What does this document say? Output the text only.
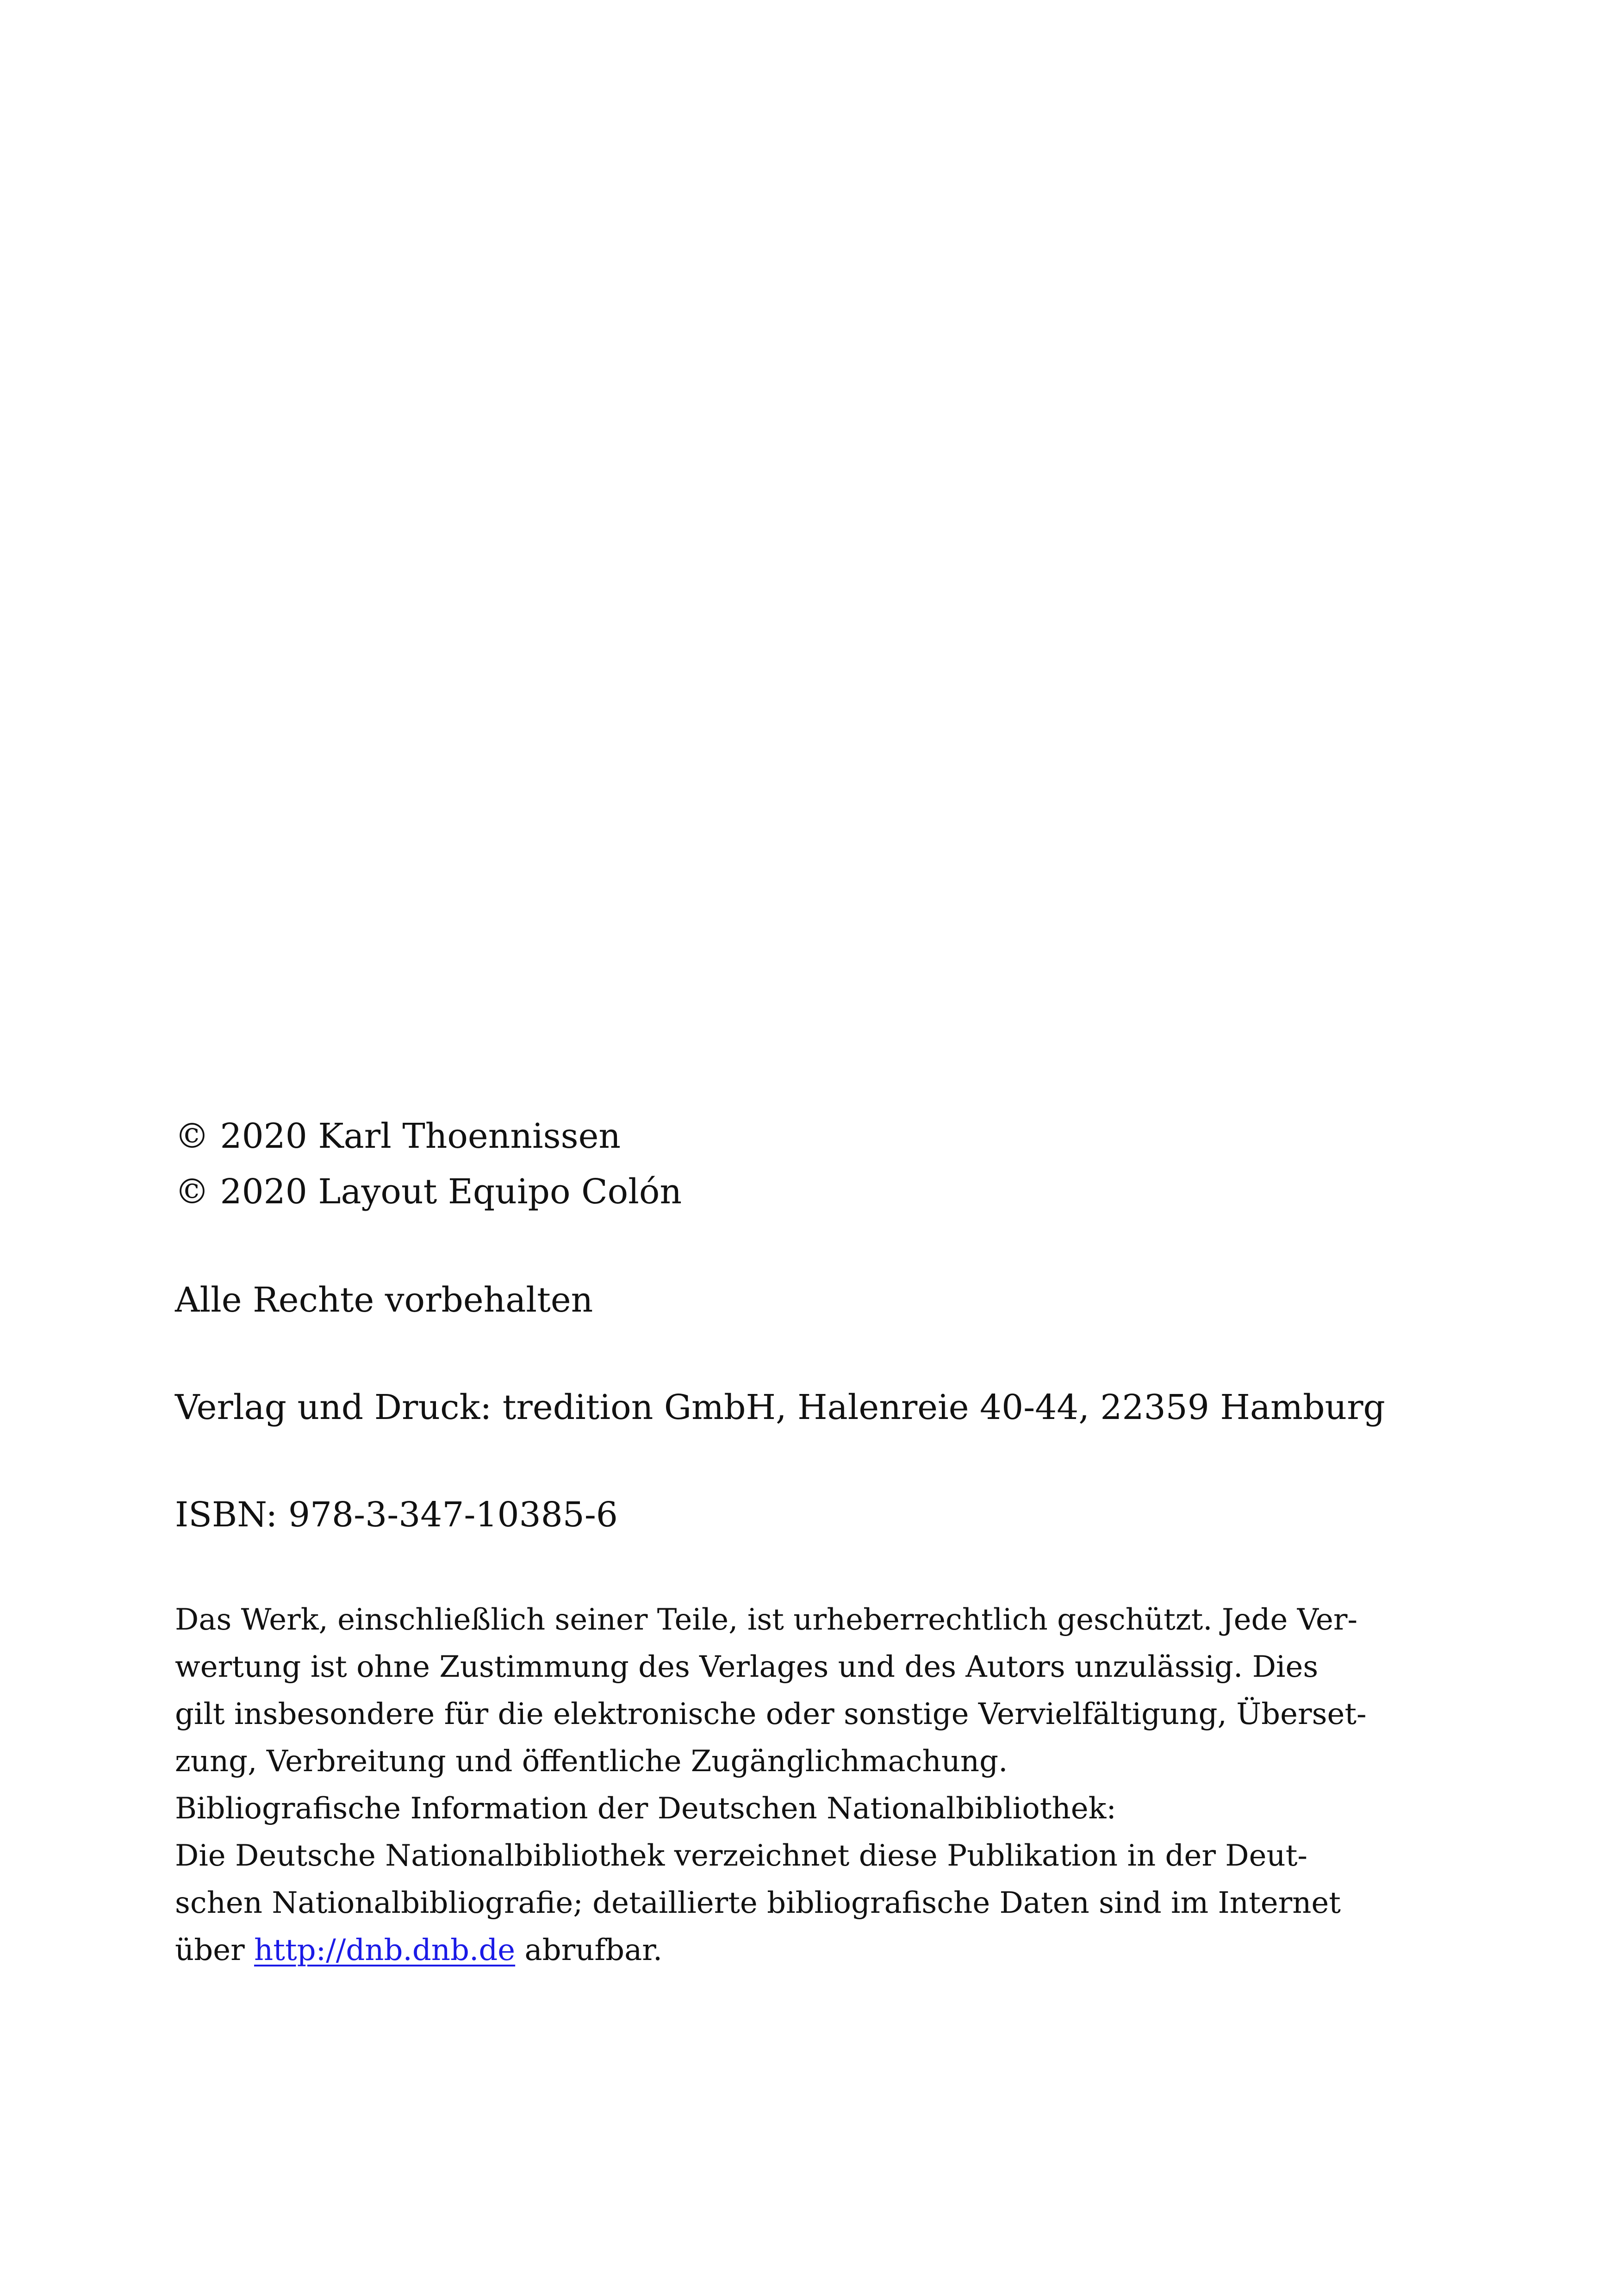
© 2020 Karl Thoennissen
© 2020 Layout Equipo Colón
Alle Rechte vorbehalten
Verlag und Druck: tredition GmbH, Halenreie 40-44, 22359 Hamburg
ISBN: 978-3-347-10385-6
Das Werk, einschließlich seiner Teile, ist urheberrechtlich geschützt. Jede Ver-
wertung ist ohne Zustimmung des Verlages und des Autors unzulässig. Dies
gilt insbesondere für die elektronische oder sonstige Vervielfältigung, Überset-
zung, Verbreitung und öffentliche Zugänglichmachung.
Bibliografische Information der Deutschen Nationalbibliothek:
Die Deutsche Nationalbibliothek verzeichnet diese Publikation in der Deut-
schen Nationalbibliografie; detaillierte bibliografische Daten sind im Internet
über http://dnb.dnb.de abrufbar.
